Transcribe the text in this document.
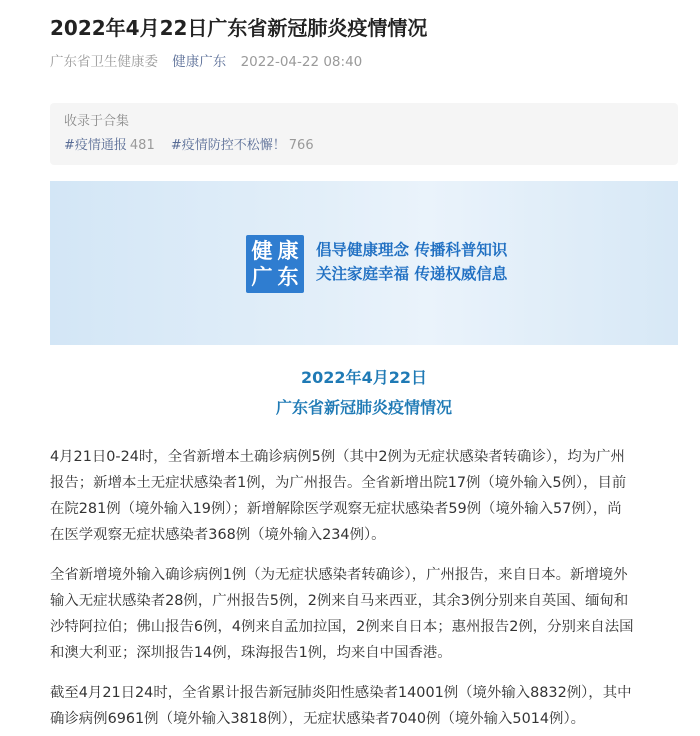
2022年4月22日广东省新冠肺炎疫情情况
广东省卫生健康委 健康广东 2022-04-22 08:40
收录于合集
#疫情通报 481 #疫情防控不松懈！ 766
健 康
广 东
倡导健康理念 传播科普知识
关注家庭幸福 传递权威信息
2022年4月22日
广东省新冠肺炎疫情情况
4月21日0-24时，全省新增本土确诊病例5例（其中2例为无症状感染者转确诊），均为广州
报告；新增本土无症状感染者1例，为广州报告。全省新增出院17例（境外输入5例），目前
在院281例（境外输入19例）；新增解除医学观察无症状感染者59例（境外输入57例），尚
在医学观察无症状感染者368例（境外输入234例）。
全省新增境外输入确诊病例1例（为无症状感染者转确诊），广州报告，来自日本。新增境外
输入无症状感染者28例，广州报告5例，2例来自马来西亚，其余3例分别来自英国、缅甸和
沙特阿拉伯；佛山报告6例，4例来自孟加拉国，2例来自日本；惠州报告2例，分别来自法国
和澳大利亚；深圳报告14例，珠海报告1例，均来自中国香港。
截至4月21日24时，全省累计报告新冠肺炎阳性感染者14001例（境外输入8832例），其中
确诊病例6961例（境外输入3818例），无症状感染者7040例（境外输入5014例）。
